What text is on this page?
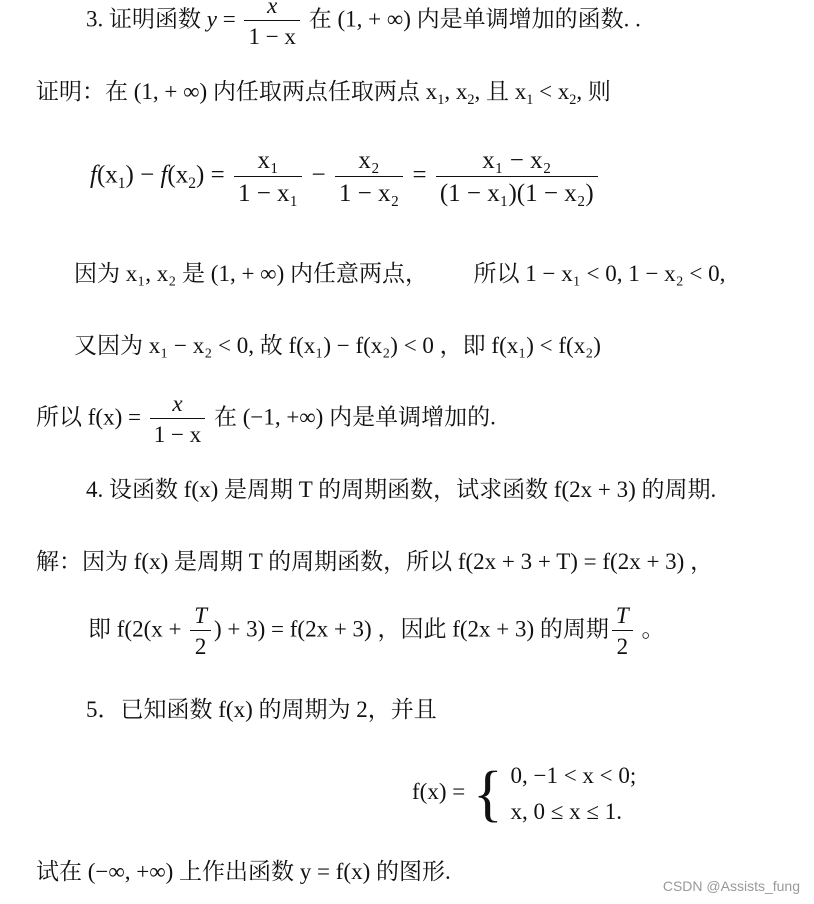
3. 证明函数 $y = \frac{x}{1 - x}$ 在 (1, + ∞) 内是单调增加的函数. .
证明：在 (1, + ∞) 内任取两点任取两点 $x_1$, $x_2$, 且 $x_1 < x_2$, 则
$f(x_1) - f(x_2) = \frac{\text{x₁}}{\text{1 − x₁}} - \frac{\text{x₂}}{\text{1 − x₂}} = \frac{\text{x₁ − x₂}}{\text{(1 − x₁)(1 − x₂)}}$
因为 x₁, x₂ 是 (1, + ∞) 内任意两点， 所以 1 − x₁ < 0, 1 − x₂ < 0,
又因为 x₁ − x₂ < 0, 故 f(x₁) − f(x₂) < 0 ，即 f(x₁) < f(x₂)
所以 $f(x) = \frac{x}{1 - x}$ 在 (−1, +∞) 内是单调增加的.
4. 设函数 f(x) 是周期 T 的周期函数，试求函数 f(2x + 3) 的周期.
解：因为 f(x) 是周期 T 的周期函数，所以 f(2x + 3 + T) = f(2x + 3) ，
即 $f(2(x + \frac{T}{2}$ ) + 3) = f(2x + 3) ，因此 f(2x + 3) 的周期 $\frac{T}{2}$ 。
5．已知函数 f(x) 的周期为 2，并且
f(x) = { 0, −1 < x < 0;
x, 0 ≤ x ≤ 1.
试在 (−∞, +∞) 上作出函数 y = f(x) 的图形.
CSDN @Assists_fung
